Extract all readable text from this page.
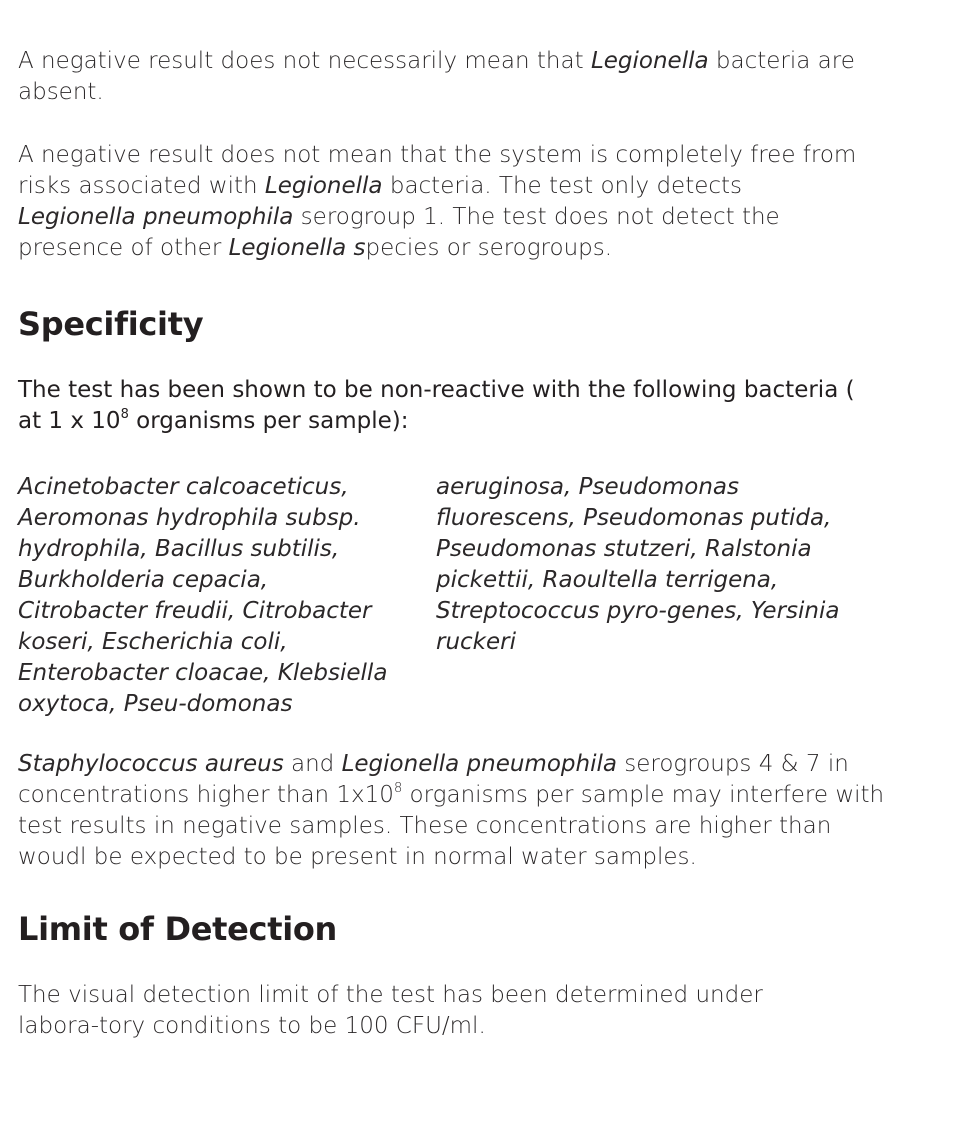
A negative result does not necessarily mean that Legionella bacteria are absent.

A negative result does not mean that the system is completely free from risks associated with Legionella bacteria. The test only detects Legionella pneumophila serogroup 1. The test does not detect the presence of other Legionella species or serogroups.

Specificity

The test has been shown to be non-reactive with the following bacteria ( at 1 x $10^8$ organisms per sample):

Acinetobacter calcoaceticus, Aeromonas hydrophila subsp. hydrophila, Bacillus subtilis, Burkholderia cepacia, Citrobacter freudii, Citrobacter koseri, Escherichia coli, Enterobacter cloacae, Klebsiella oxytoca, Pseu-domonas

aeruginosa, Pseudomonas fluorescens, Pseudomonas putida, Pseudomonas stutzeri, Ralstonia pickettii, Raoultella terrigena, Streptococcus pyro-genes, Yersinia ruckeri

Staphylococcus aureus and Legionella pneumophila serogroups 4 & 7 in concentrations higher than $1x10^8$ organisms per sample may interfere with test results in negative samples. These concentrations are higher than woudl be expected to be present in normal water samples.

Limit of Detection

The visual detection limit of the test has been determined under labora-tory conditions to be 100 CFU/ml.
